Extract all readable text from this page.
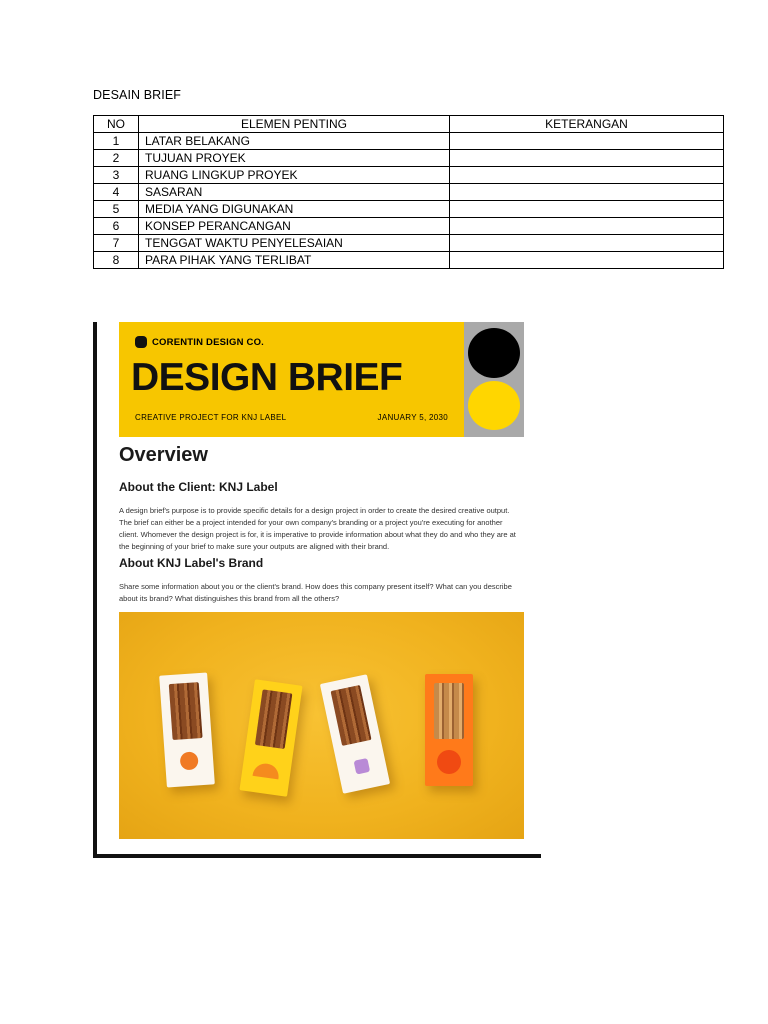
DESAIN BRIEF
NO	ELEMEN PENTING	KETERANGAN
1	LATAR BELAKANG	
2	TUJUAN PROYEK	
3	RUANG LINGKUP PROYEK	
4	SASARAN	
5	MEDIA YANG DIGUNAKAN	
6	KONSEP PERANCANGAN	
7	TENGGAT WAKTU PENYELESAIAN	
8	PARA PIHAK YANG TERLIBAT	
CORENTIN DESIGN CO.
DESIGN BRIEF
CREATIVE PROJECT FOR KNJ LABEL	JANUARY 5, 2030
Overview
About the Client: KNJ Label
A design brief's purpose is to provide specific details for a design project in order to create the desired creative output. The brief can either be a project intended for your own company's branding or a project you're executing for another client. Whomever the design project is for, it is imperative to provide information about what they do and who they are at the beginning of your brief to make sure your outputs are aligned with their brand.
About KNJ Label's Brand
Share some information about you or the client's brand. How does this company present itself? What can you describe about its brand? What distinguishes this brand from all the others?
